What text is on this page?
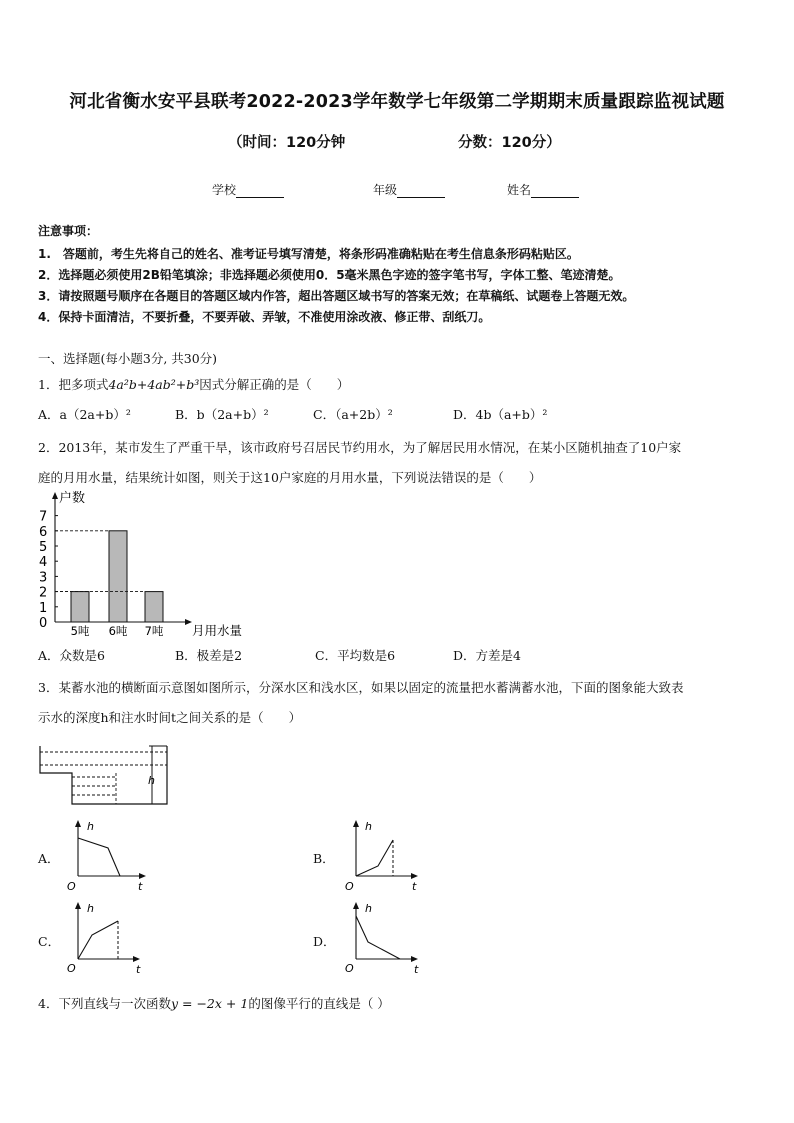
河北省衡水安平县联考2022-2023学年数学七年级第二学期期末质量跟踪监视试题
（时间：120分钟	分数：120分）
学校	年级	姓名
注意事项：
1.　答题前，考生先将自己的姓名、准考证号填写清楚，将条形码准确粘贴在考生信息条形码粘贴区。
2．选择题必须使用2B铅笔填涂；非选择题必须使用0．5毫米黑色字迹的签字笔书写，字体工整、笔迹清楚。
3．请按照题号顺序在各题目的答题区域内作答，超出答题区域书写的答案无效；在草稿纸、试题卷上答题无效。
4．保持卡面清洁，不要折叠，不要弄破、弄皱，不准使用涂改液、修正带、刮纸刀。
一、选择题(每小题3分, 共30分)
1．把多项式4a²b+4ab²+b³因式分解正确的是（　　）
A．a（2a+b）²	B．b（2a+b）²	C．（a+2b）²	D．4b（a+b）²
2．2013年，某市发生了严重干旱，该市政府号召居民节约用水，为了解居民用水情况，在某小区随机抽查了10户家
庭的月用水量，结果统计如图，则关于这10户家庭的月用水量，下列说法错误的是（　　）
0
1
2
3
4
5
6
7
户数
5吨 6吨 7吨 月用水量
A．众数是6	B．极差是2	C．平均数是6	D．方差是4
3．某蓄水池的横断面示意图如图所示，分深水区和浅水区，如果以固定的流量把水蓄满蓄水池，下面的图象能大致表
示水的深度h和注水时间t之间关系的是（　　）
h
A．
h
O	t
B．
h
O	t
C．
h
O	t
D．
h
O	t
4．下列直线与一次函数y = −2x + 1的图像平行的直线是（ ）
